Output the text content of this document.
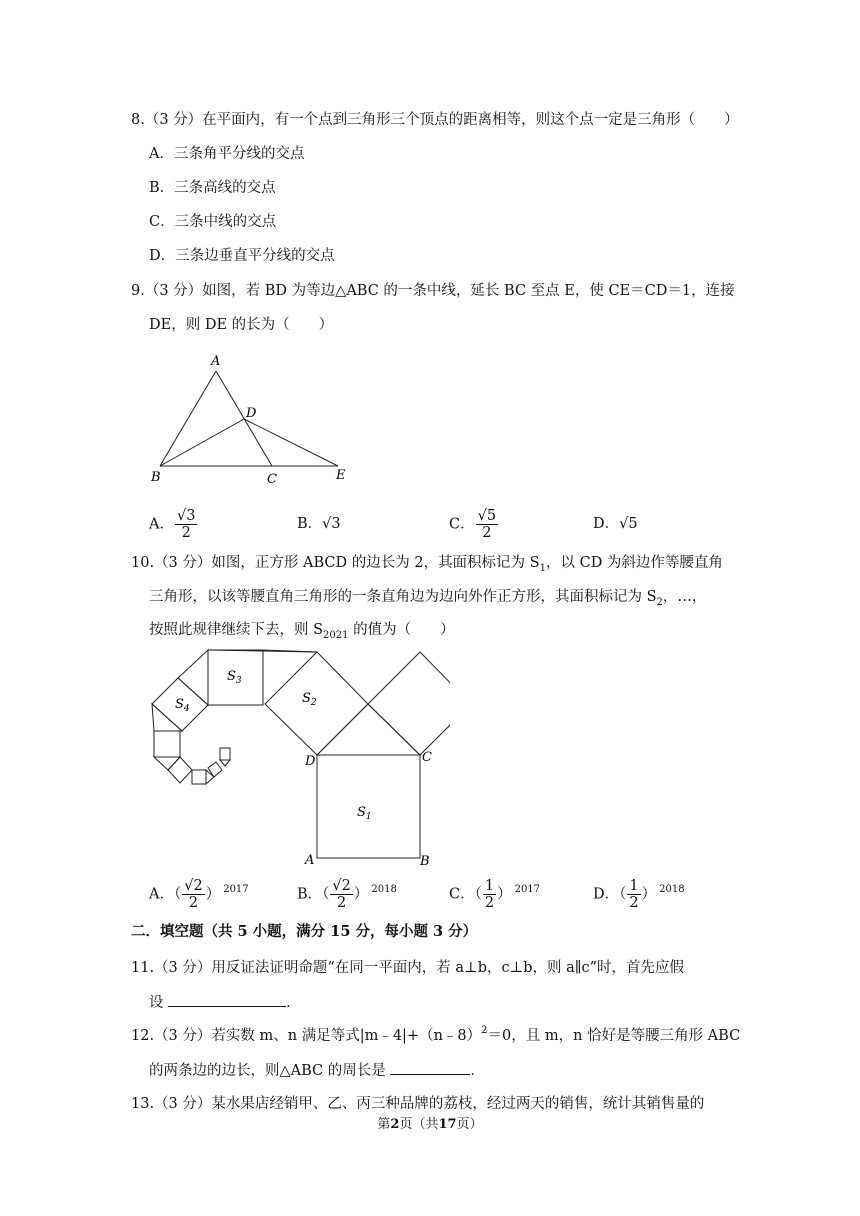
8.（3 分）在平面内，有一个点到三角形三个顶点的距离相等，则这个点一定是三角形（　　）
A．三条角平分线的交点
B．三条高线的交点
C．三条中线的交点
D．三条边垂直平分线的交点
9.（3 分）如图，若 BD 为等边△ABC 的一条中线，延长 BC 至点 E，使 CE＝CD＝1，连接
DE，则 DE 的长为（　　）
A
B	C
D
E
A． $\frac{√3}{2}$	B．√3	C． $\frac{√5}{2}$	D．√5
10.（3 分）如图，正方形 ABCD 的边长为 2，其面积标记为 $S_1$，以 CD 为斜边作等腰直角
三角形，以该等腰直角三角形的一条直角边为边向外作正方形，其面积标记为 $S_2$，…，
按照此规律继续下去，则 $S_{2021}$ 的值为（　　）
$S_3$
$S_2$
$S_4$
$S_1$
D	C
A	B
A．（ $\frac{√2}{2}$ ） $^{2017}$	B．（ $\frac{√2}{2}$ ） $^{2018}$	C．（ $\frac{1}{2}$ ） $^{2017}$	D．（ $\frac{1}{2}$ ） $^{2018}$
二．填空题（共 5 小题，满分 15 分，每小题 3 分）
11.（3 分）用反证法证明命题“在同一平面内，若 a⊥b，c⊥b，则 a∥c”时，首先应假
设	．
12.（3 分）若实数 m、n 满足等式|m﹣4|+（n﹣8）$^2$＝0，且 m，n 恰好是等腰三角形 ABC
的两条边的边长，则△ABC 的周长是	．
13.（3 分）某水果店经销甲、乙、丙三种品牌的荔枝，经过两天的销售，统计其销售量的
第2页（共17页）
